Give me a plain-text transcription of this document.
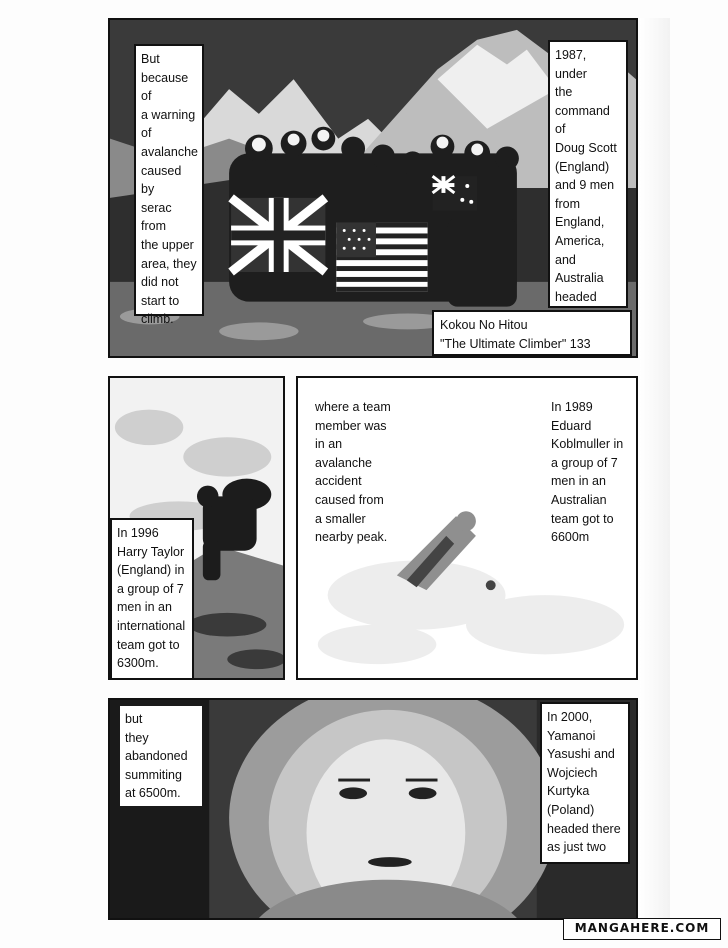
But
because of
a warning
of
avalanche
caused by
serac from
the upper
area, they
did not
start to
climb.
1987, under
the
command of
Doug Scott
(England)
and 9 men
from
England,
America,
and
Australia
headed
Kokou No Hitou
"The Ultimate Climber" 133
In 1996
Harry Taylor
(England) in
a group of 7
men in an
international
team got to
6300m.
where a team
member was
in an
avalanche
accident
caused from
a smaller
nearby peak.
In 1989
Eduard
Koblmuller in
a group of 7
men in an
Australian
team got to
6600m
but
they
abandoned
summiting
at 6500m.
In 2000,
Yamanoi
Yasushi and
Wojciech
Kurtyka
(Poland)
headed there
as just two
MANGAHERE.COM
